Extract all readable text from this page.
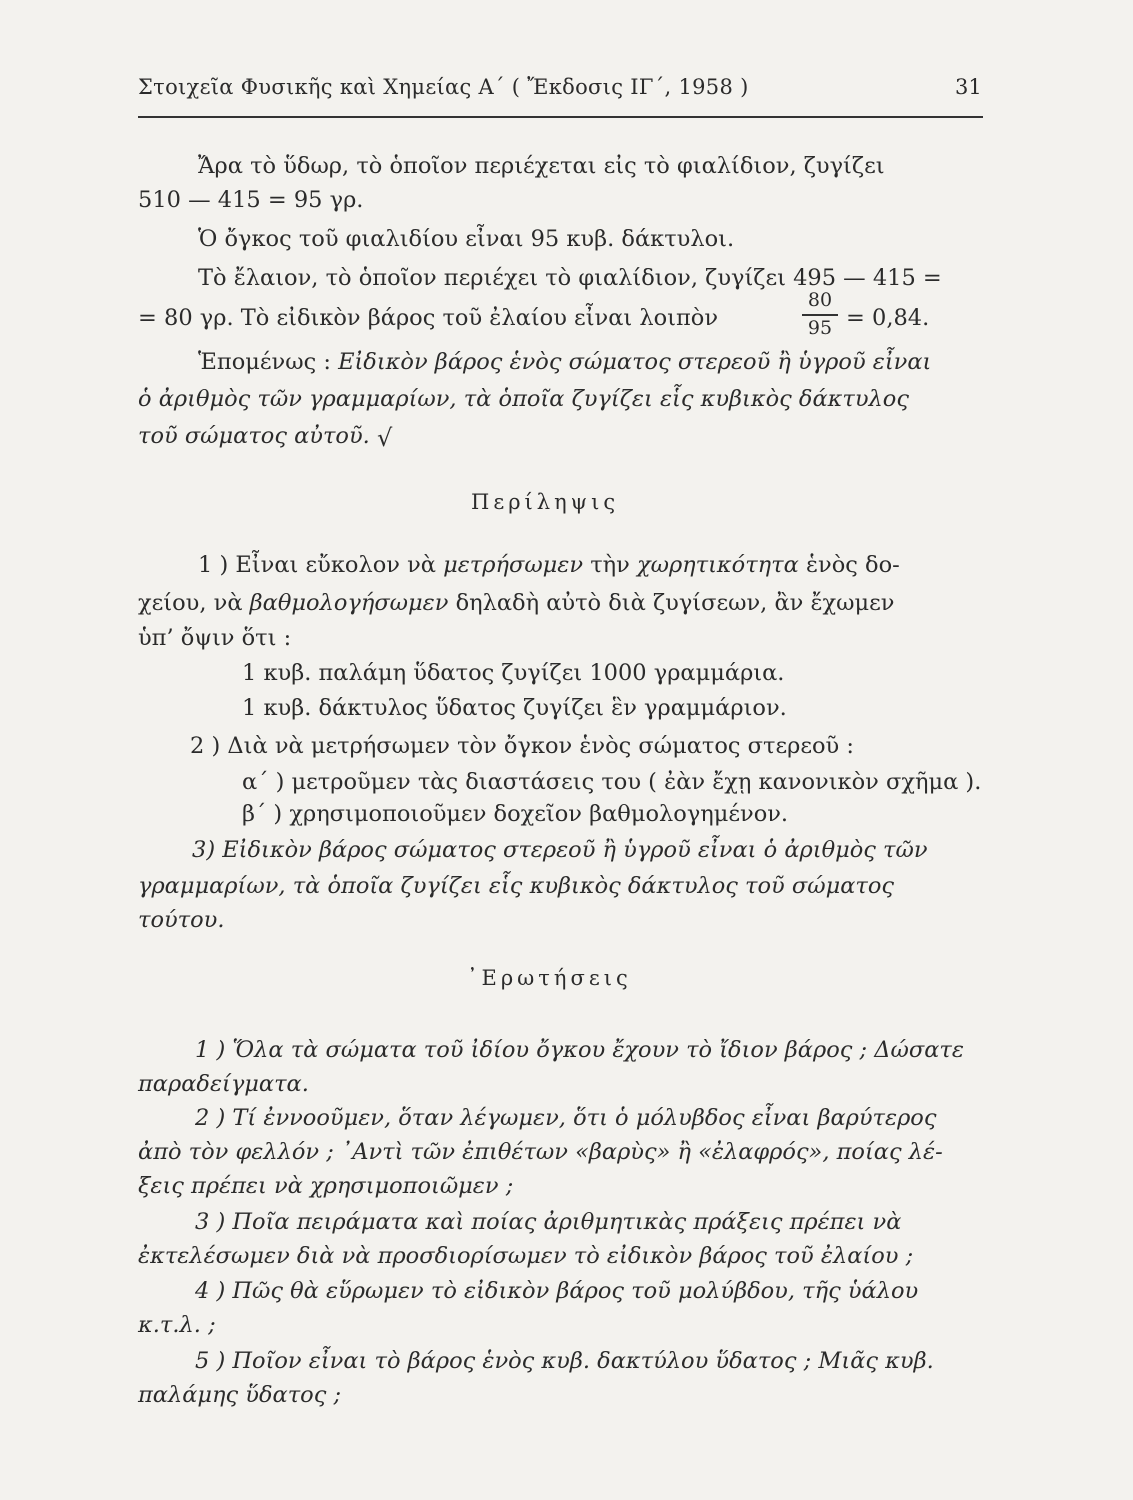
Στοιχεῖα Φυσικῆς καὶ Χημείας Α΄ ( Ἔκδοσις ΙΓ΄, 1958 )	31
Ἄρα τὸ ὕδωρ, τὸ ὁποῖον περιέχεται εἰς τὸ φιαλίδιον, ζυγίζει
510 — 415 = 95 γρ.
Ὁ ὄγκος τοῦ φιαλιδίου εἶναι 95 κυβ. δάκτυλοι.
Τὸ ἔλαιον, τὸ ὁποῖον περιέχει τὸ φιαλίδιον, ζυγίζει 495 — 415 =
= 80 γρ. Τὸ εἰδικὸν βάρος τοῦ ἐλαίου εἶναι λοιπὸν
80
95 = 0,84.
Ἑπομένως : Εἰδικὸν βάρος ἑνὸς σώματος στερεοῦ ἢ ὑγροῦ εἶναι
ὁ ἀριθμὸς τῶν γραμμαρίων, τὰ ὁποῖα ζυγίζει εἷς κυβικὸς δάκτυλος
τοῦ σώματος αὐτοῦ. √
Περίληψις
1 ) Εἶναι εὔκολον νὰ μετρήσωμεν τὴν χωρητικότητα ἑνὸς δο-
χείου, νὰ βαθμολογήσωμεν δηλαδὴ αὐτὸ διὰ ζυγίσεων, ἂν ἔχωμεν
ὑπ’ ὄψιν ὅτι :
1 κυβ. παλάμη ὕδατος ζυγίζει 1000 γραμμάρια.
1 κυβ. δάκτυλος ὕδατος ζυγίζει ἓν γραμμάριον.
2 ) Διὰ νὰ μετρήσωμεν τὸν ὄγκον ἑνὸς σώματος στερεοῦ :
α΄ ) μετροῦμεν τὰς διαστάσεις του ( ἐὰν ἔχῃ κανονικὸν σχῆμα ).
β΄ ) χρησιμοποιοῦμεν δοχεῖον βαθμολογημένον.
3) Εἰδικὸν βάρος σώματος στερεοῦ ἢ ὑγροῦ εἶναι ὁ ἀριθμὸς τῶν
γραμμαρίων, τὰ ὁποῖα ζυγίζει εἷς κυβικὸς δάκτυλος τοῦ σώματος
τούτου.
᾿Ερωτήσεις
1 ) Ὅλα τὰ σώματα τοῦ ἰδίου ὄγκου ἔχουν τὸ ἴδιον βάρος ; Δώσατε
παραδείγματα.
2 ) Τί ἐννοοῦμεν, ὅταν λέγωμεν, ὅτι ὁ μόλυβδος εἶναι βαρύτερος
ἀπὸ τὸν φελλόν ; ᾿Αντὶ τῶν ἐπιθέτων «βαρὺς» ἢ «ἐλαφρός», ποίας λέ-
ξεις πρέπει νὰ χρησιμοποιῶμεν ;
3 ) Ποῖα πειράματα καὶ ποίας ἀριθμητικὰς πράξεις πρέπει νὰ
ἐκτελέσωμεν διὰ νὰ προσδιορίσωμεν τὸ εἰδικὸν βάρος τοῦ ἐλαίου ;
4 ) Πῶς θὰ εὕρωμεν τὸ εἰδικὸν βάρος τοῦ μολύβδου, τῆς ὑάλου
κ.τ.λ. ;
5 ) Ποῖον εἶναι τὸ βάρος ἑνὸς κυβ. δακτύλου ὕδατος ; Μιᾶς κυβ.
παλάμης ὕδατος ;
